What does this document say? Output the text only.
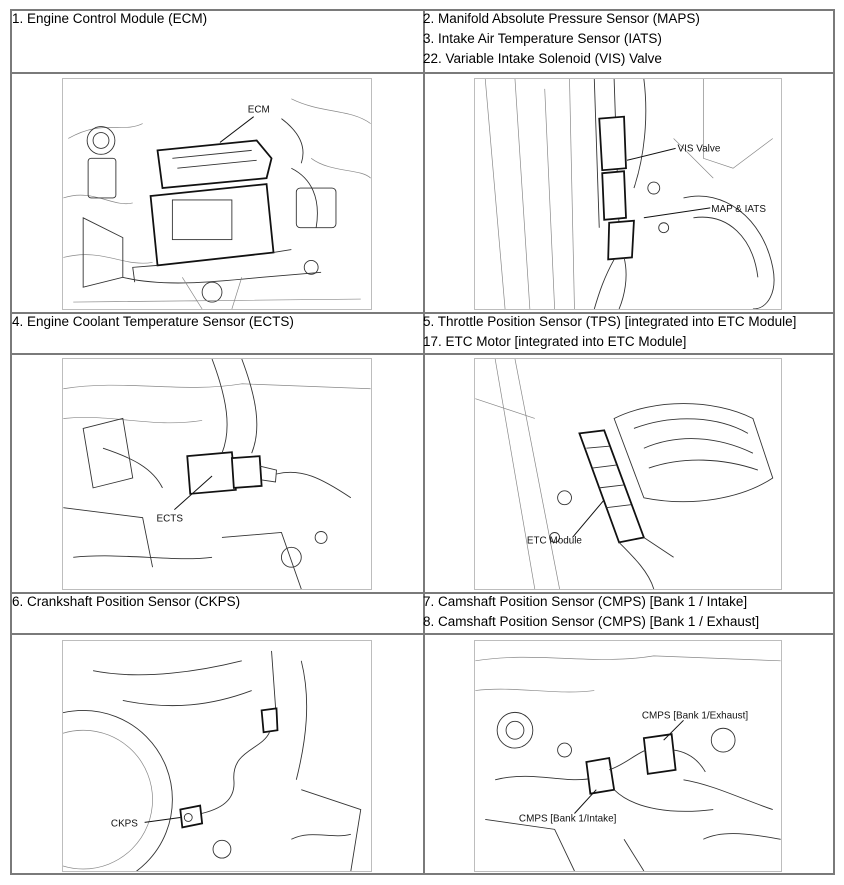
1. Engine Control Module (ECM)	2. Manifold Absolute Pressure Sensor (MAPS)
3. Intake Air Temperature Sensor (IATS)
22. Variable Intake Solenoid (VIS) Valve
ECM
VIS Valve
MAP & IATS
4. Engine Coolant Temperature Sensor (ECTS)	5. Throttle Position Sensor (TPS) [integrated into ETC Module]
17. ETC Motor [integrated into ETC Module]
ECTS
ETC Module
6. Crankshaft Position Sensor (CKPS)	7. Camshaft Position Sensor (CMPS) [Bank 1 / Intake]
8. Camshaft Position Sensor (CMPS) [Bank 1 / Exhaust]
CKPS
CMPS [Bank 1/Exhaust]
CMPS [Bank 1/Intake]
